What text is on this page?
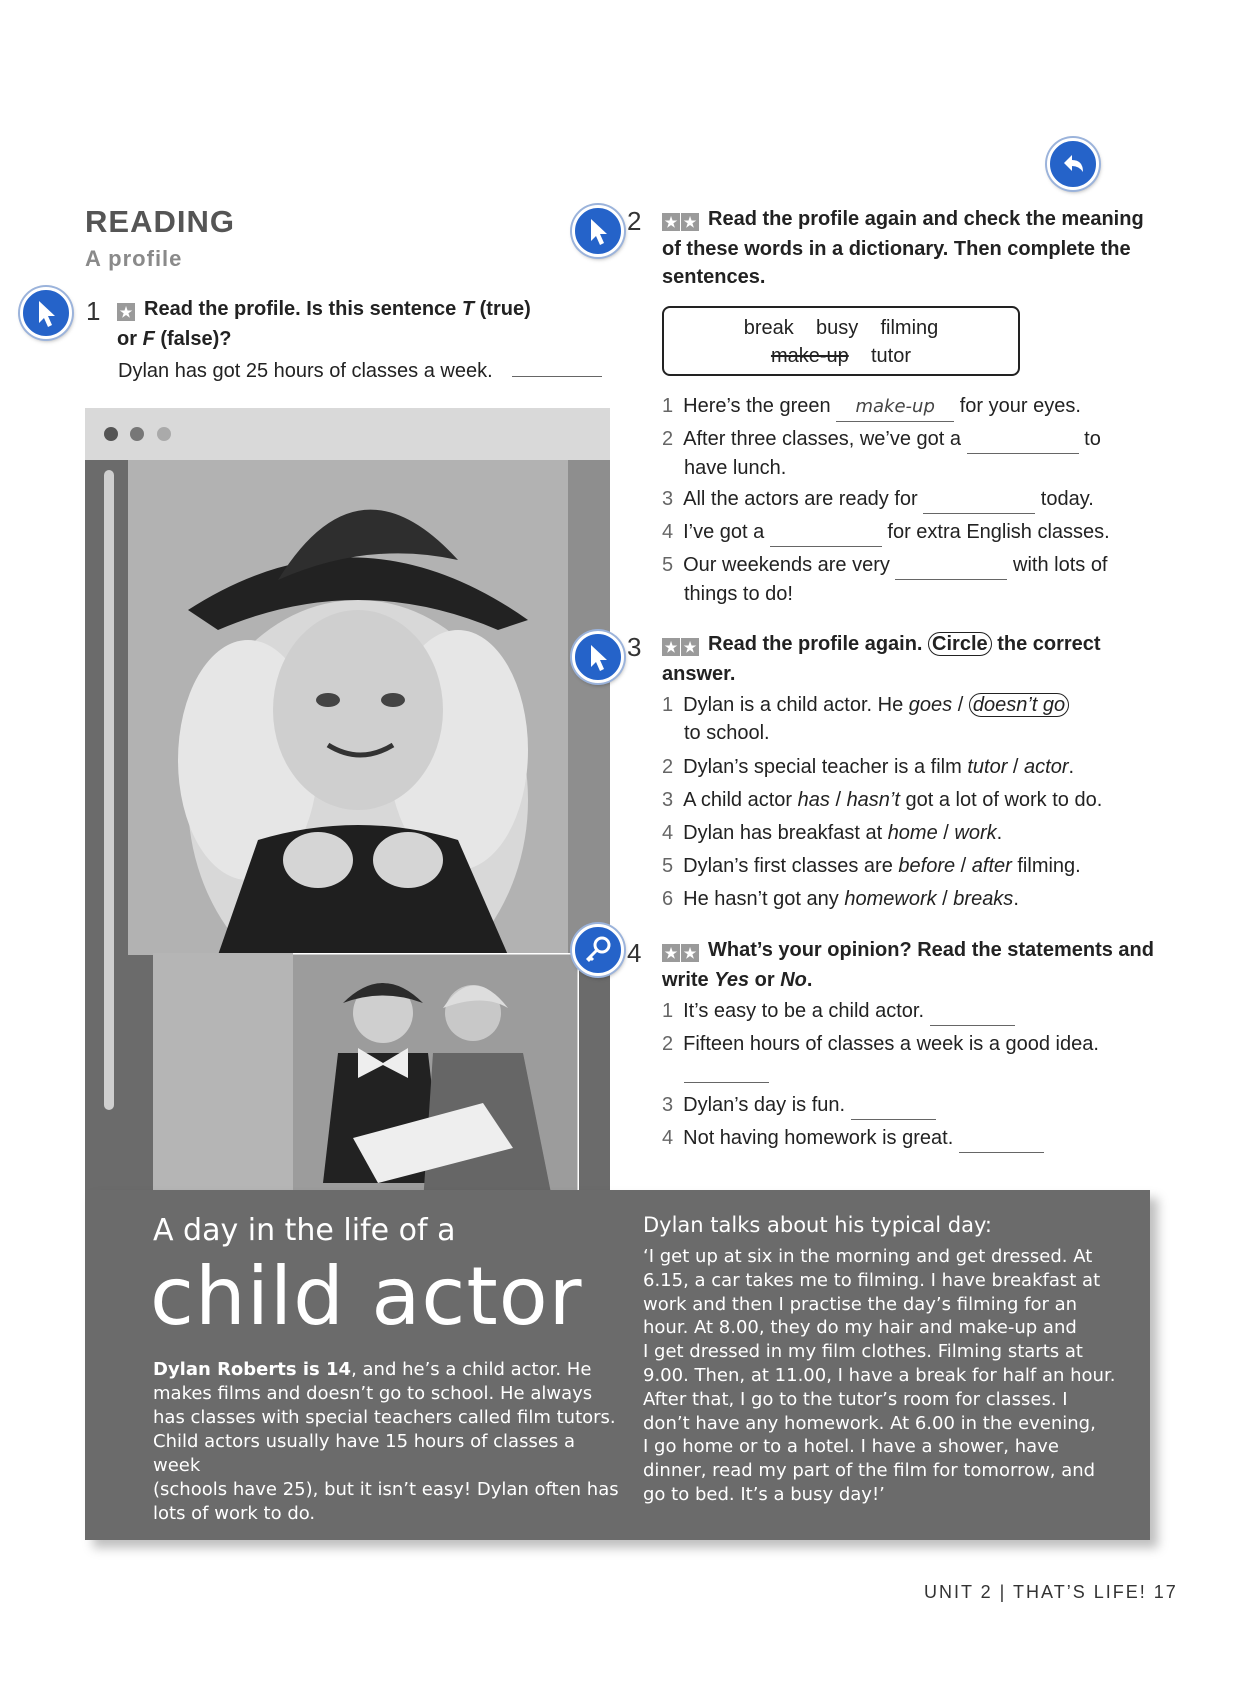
READING
A profile
1 ★ Read the profile. Is this sentence T (true)
or F (false)?
Dylan has got 25 hours of classes a week.
A day in the life of a
child actor
Dylan Roberts is 14, and he’s a child actor. He
makes films and doesn’t go to school. He always
has classes with special teachers called film tutors.
Child actors usually have 15 hours of classes a week
(schools have 25), but it isn’t easy! Dylan often has
lots of work to do.
Dylan talks about his typical day:
‘I get up at six in the morning and get dressed. At
6.15, a car takes me to filming. I have breakfast at
work and then I practise the day’s filming for an
hour. At 8.00, they do my hair and make-up and
I get dressed in my film clothes. Filming starts at
9.00. Then, at 11.00, I have a break for half an hour.
After that, I go to the tutor’s room for classes. I
don’t have any homework. At 6.00 in the evening,
I go home or to a hotel. I have a shower, have
dinner, read my part of the film for tomorrow, and
go to bed. It’s a busy day!’
2 ★ ★ Read the profile again and check the meaning
of these words in a dictionary. Then complete the
sentences.
break busy filming
make-up tutor
1 Here’s the green make-up for your eyes.
2 After three classes, we’ve got a	to
have lunch.
3 All the actors are ready for	today.
4 I’ve got a	for extra English classes.
5 Our weekends are very	with lots of
things to do!
3 ★ ★ Read the profile again. Circle the correct
answer.
1 Dylan is a child actor. He goes / doesn’t go
to school.
2 Dylan’s special teacher is a film tutor / actor.
3 A child actor has / hasn’t got a lot of work to do.
4 Dylan has breakfast at home / work.
5 Dylan’s first classes are before / after filming.
6 He hasn’t got any homework / breaks.
4 ★ ★ What’s your opinion? Read the statements and
write Yes or No.
1 It’s easy to be a child actor.
2 Fifteen hours of classes a week is a good idea.
3 Dylan’s day is fun.
4 Not having homework is great.
UNIT 2 | THAT’S LIFE! 17
